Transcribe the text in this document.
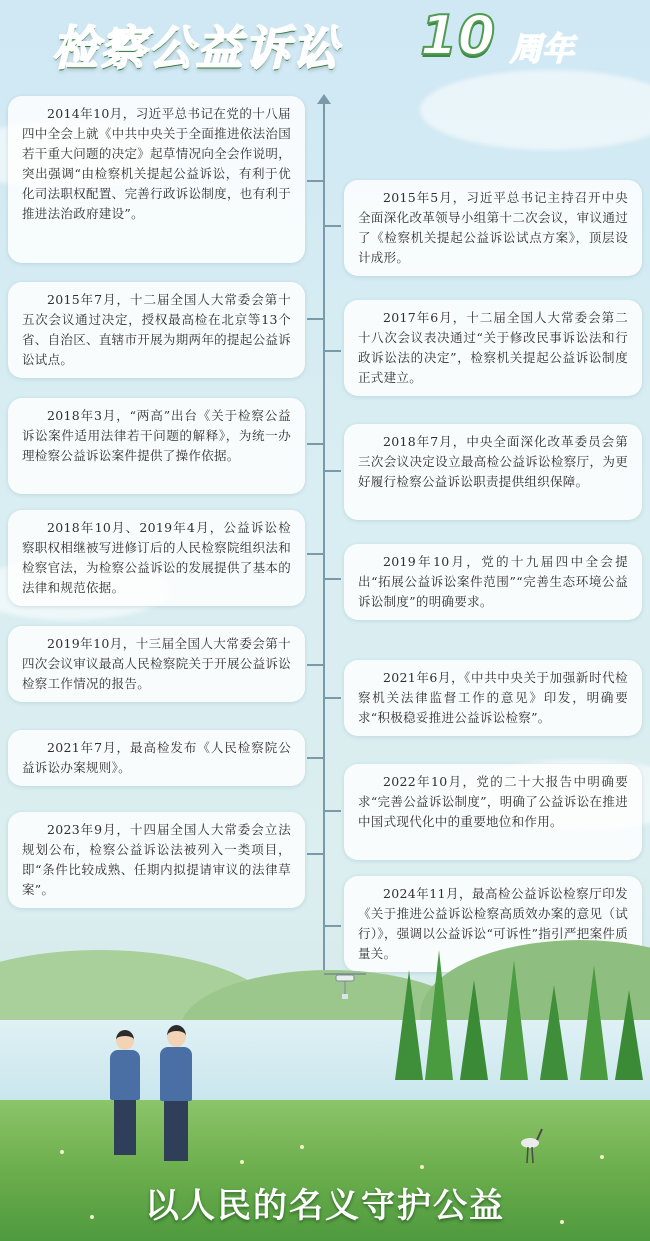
检察公益诉讼 10 周年
2014年10月，习近平总书记在党的十八届四中全会上就《中共中央关于全面推进依法治国若干重大问题的决定》起草情况向全会作说明，突出强调“由检察机关提起公益诉讼，有利于优化司法职权配置、完善行政诉讼制度，也有利于推进法治政府建设”。
2015年7月，十二届全国人大常委会第十五次会议通过决定，授权最高检在北京等13个省、自治区、直辖市开展为期两年的提起公益诉讼试点。
2018年3月，“两高”出台《关于检察公益诉讼案件适用法律若干问题的解释》，为统一办理检察公益诉讼案件提供了操作依据。
2018年10月、2019年4月，公益诉讼检察职权相继被写进修订后的人民检察院组织法和检察官法，为检察公益诉讼的发展提供了基本的法律和规范依据。
2019年10月，十三届全国人大常委会第十四次会议审议最高人民检察院关于开展公益诉讼检察工作情况的报告。
2021年7月，最高检发布《人民检察院公益诉讼办案规则》。
2023年9月，十四届全国人大常委会立法规划公布，检察公益诉讼法被列入一类项目，即“条件比较成熟、任期内拟提请审议的法律草案”。
2015年5月，习近平总书记主持召开中央全面深化改革领导小组第十二次会议，审议通过了《检察机关提起公益诉讼试点方案》，顶层设计成形。
2017年6月，十二届全国人大常委会第二十八次会议表决通过“关于修改民事诉讼法和行政诉讼法的决定”，检察机关提起公益诉讼制度正式建立。
2018年7月，中央全面深化改革委员会第三次会议决定设立最高检公益诉讼检察厅，为更好履行检察公益诉讼职责提供组织保障。
2019年10月，党的十九届四中全会提出“拓展公益诉讼案件范围”“完善生态环境公益诉讼制度”的明确要求。
2021年6月，《中共中央关于加强新时代检察机关法律监督工作的意见》印发，明确要求“积极稳妥推进公益诉讼检察”。
2022年10月，党的二十大报告中明确要求“完善公益诉讼制度”，明确了公益诉讼在推进中国式现代化中的重要地位和作用。
2024年11月，最高检公益诉讼检察厅印发《关于推进公益诉讼检察高质效办案的意见（试行）》，强调以公益诉讼“可诉性”指引严把案件质量关。
以人民的名义守护公益
